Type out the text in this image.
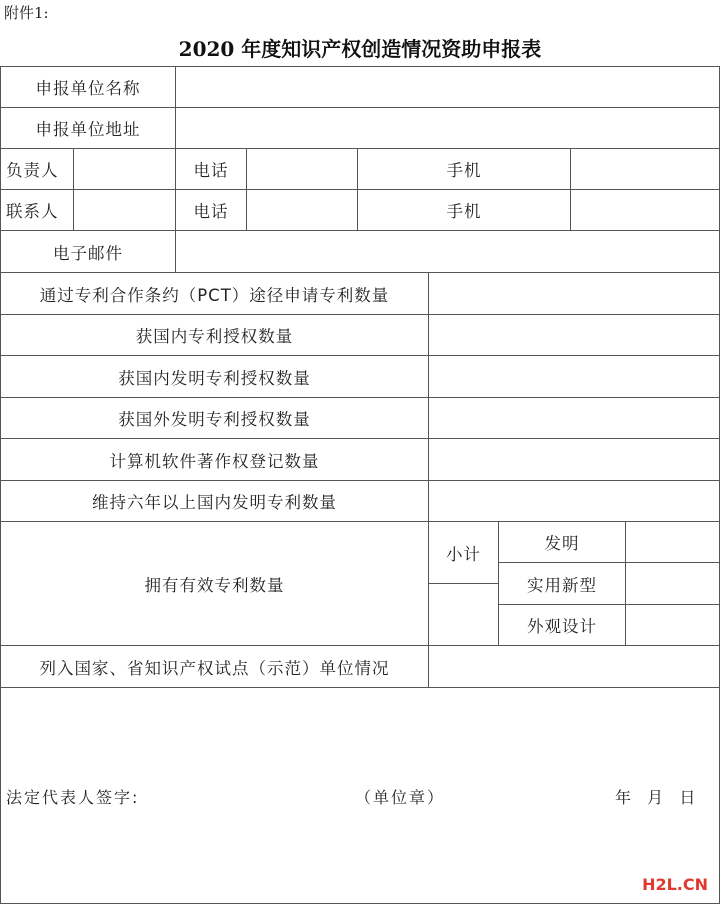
附件1:
2020 年度知识产权创造情况资助申报表
申报单位名称
申报单位地址
负责人	电话	手机
联系人	电话	手机
电子邮件
通过专利合作条约（PCT）途径申请专利数量
获国内专利授权数量
获国内发明专利授权数量
获国外发明专利授权数量
计算机软件著作权登记数量
维持六年以上国内发明专利数量
拥有有效专利数量
小计
发明
实用新型
外观设计
列入国家、省知识产权试点（示范）单位情况
法定代表人签字:	（单位章）	年  月  日
H2L.CN
